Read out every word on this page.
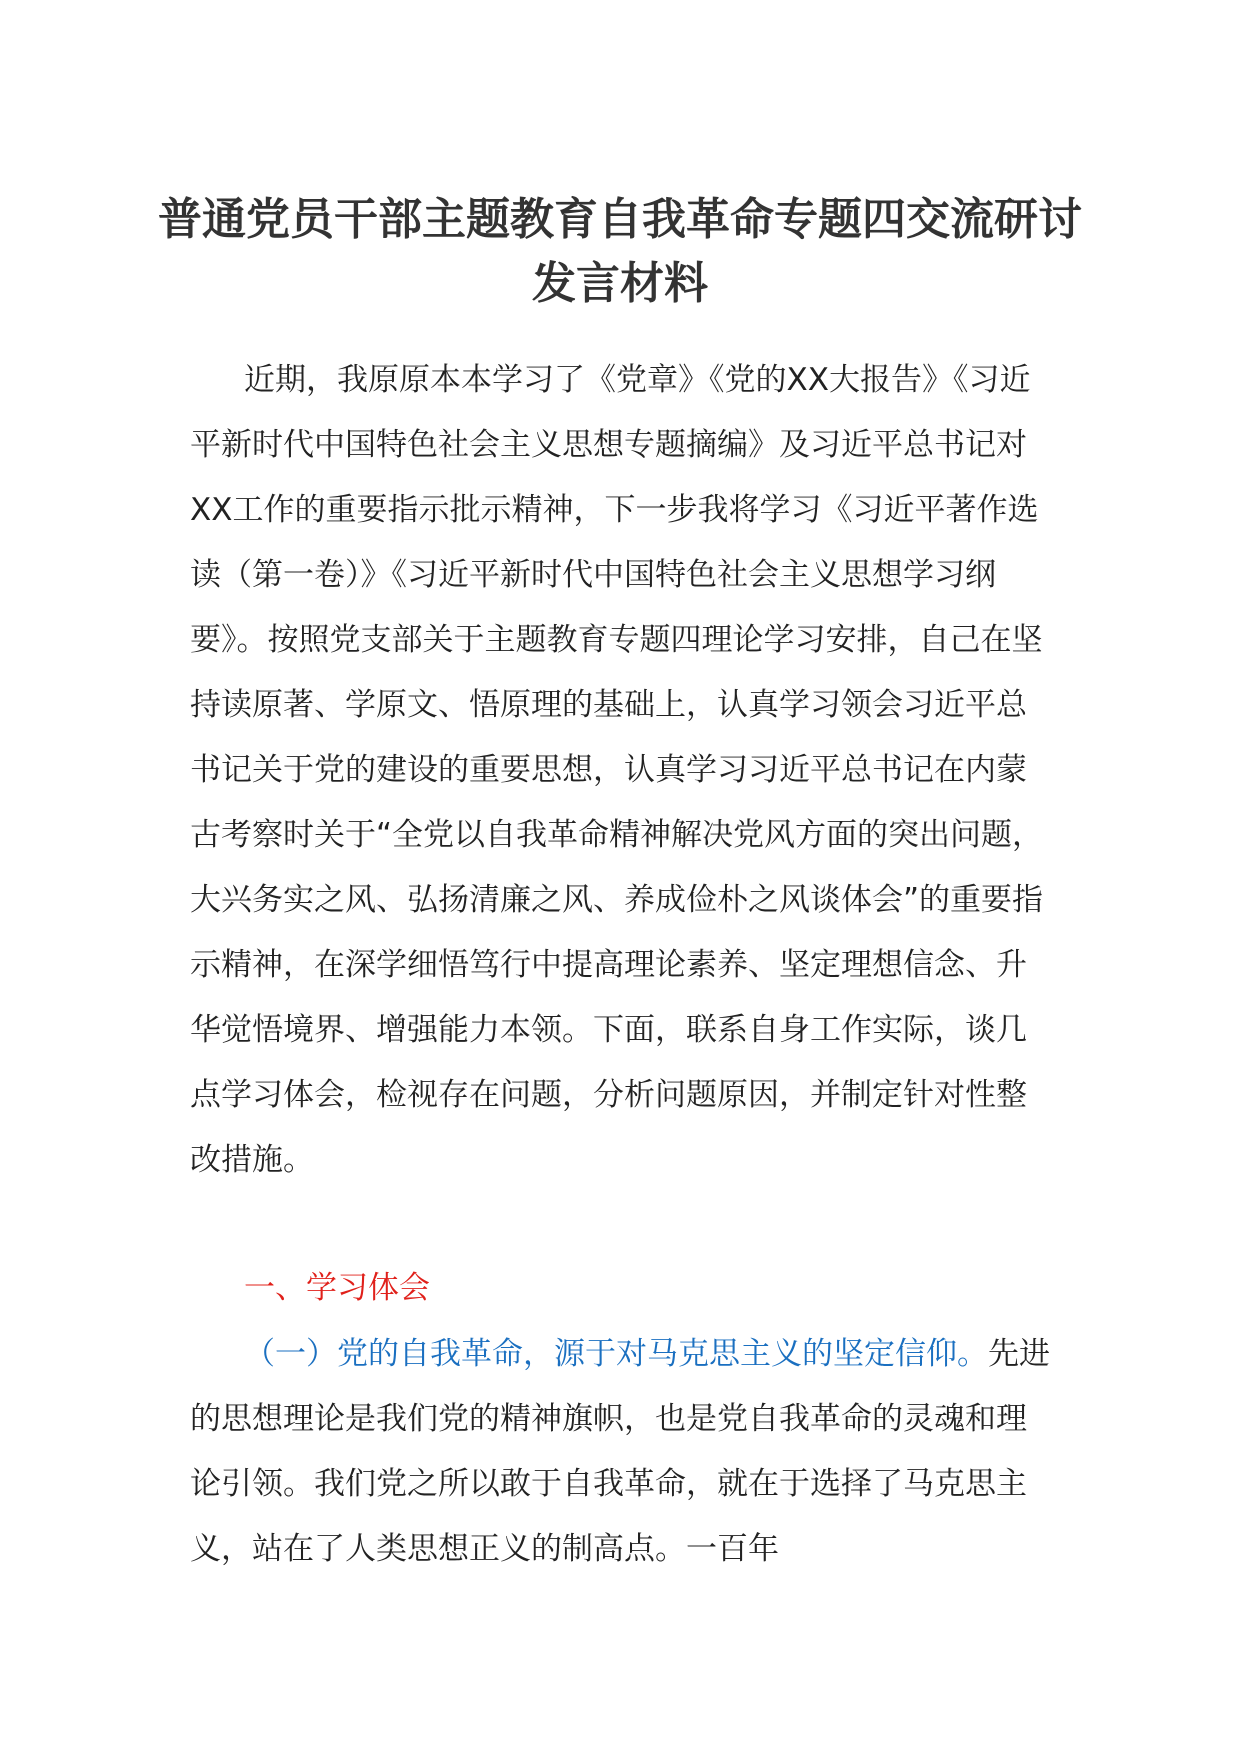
普通党员干部主题教育自我革命专题四交流研讨发言材料

近期，我原原本本学习了《党章》《党的XX大报告》《习近平新时代中国特色社会主义思想专题摘编》及习近平总书记对XX工作的重要指示批示精神，下一步我将学习《习近平著作选读（第一卷）》《习近平新时代中国特色社会主义思想学习纲要》。按照党支部关于主题教育专题四理论学习安排，自己在坚持读原著、学原文、悟原理的基础上，认真学习领会习近平总书记关于党的建设的重要思想，认真学习习近平总书记在内蒙古考察时关于“全党以自我革命精神解决党风方面的突出问题，大兴务实之风、弘扬清廉之风、养成俭朴之风谈体会”的重要指示精神，在深学细悟笃行中提高理论素养、坚定理想信念、升华觉悟境界、增强能力本领。下面，联系自身工作实际，谈几点学习体会，检视存在问题，分析问题原因，并制定针对性整改措施。

一、学习体会

（一）党的自我革命，源于对马克思主义的坚定信仰。先进的思想理论是我们党的精神旗帜，也是党自我革命的灵魂和理论引领。我们党之所以敢于自我革命，就在于选择了马克思主义，站在了人类思想正义的制高点。一百年
